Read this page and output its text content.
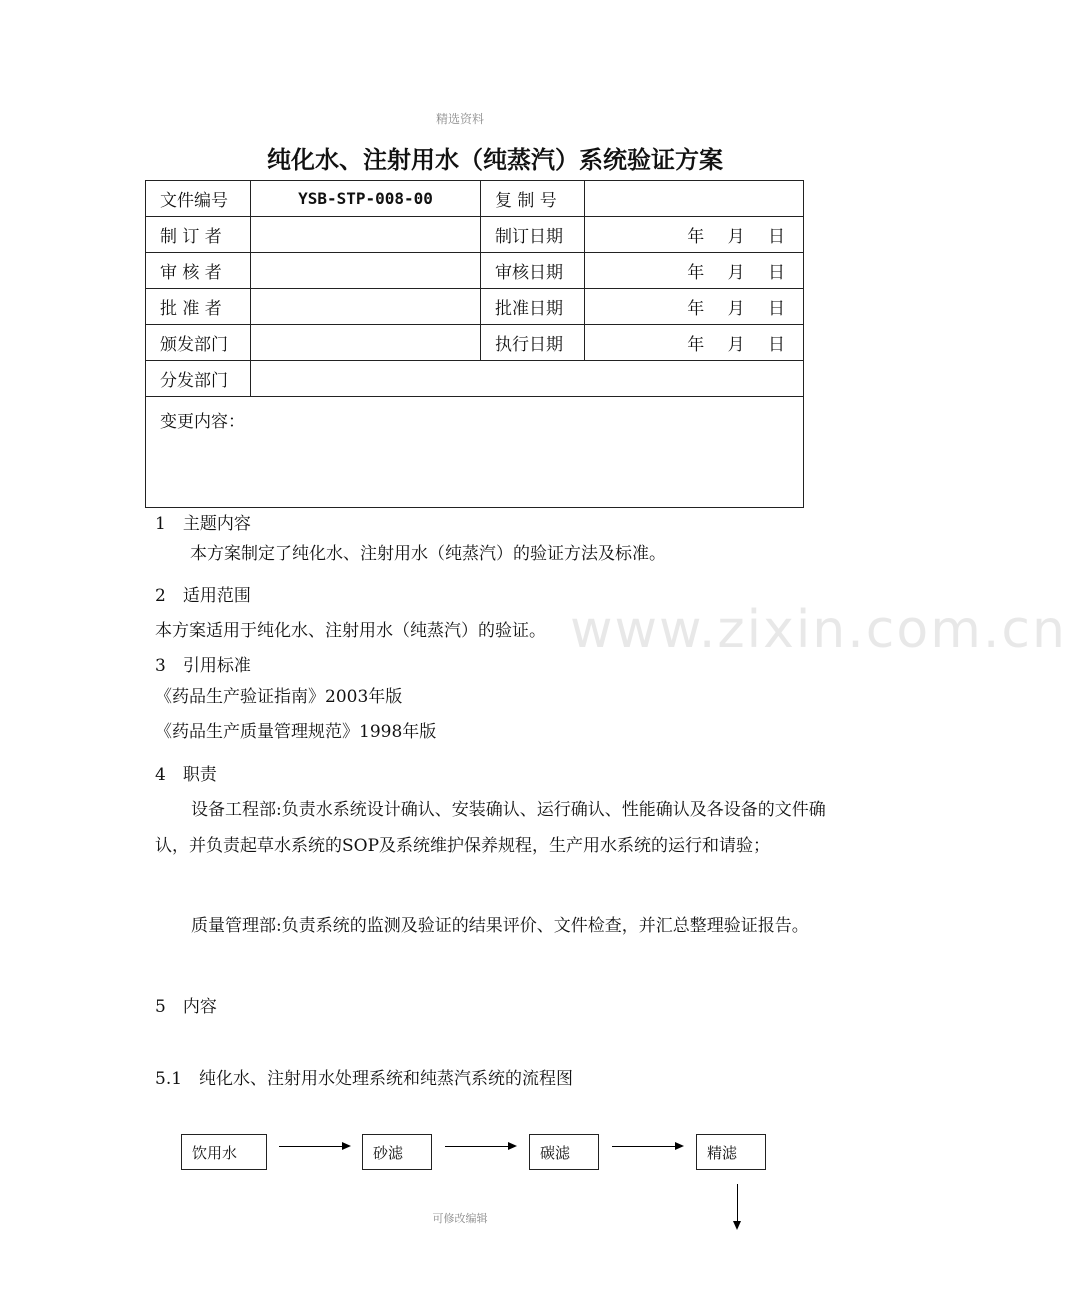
精选资料
纯化水、注射用水（纯蒸汽）系统验证方案
文件编号	YSB-STP-008-00	复 制 号	
制 订 者		制订日期	年 月 日
审 核 者		审核日期	年 月 日
批 准 者		批准日期	年 月 日
颁发部门		执行日期	年 月 日
分发部门			
变更内容：			
1　主题内容
本方案制定了纯化水、注射用水（纯蒸汽）的验证方法及标准。
2　适用范围
本方案适用于纯化水、注射用水（纯蒸汽）的验证。 www.zixin.com.cn
3　引用标准
《药品生产验证指南》2003年版
《药品生产质量管理规范》1998年版
4　职责
设备工程部:负责水系统设计确认、安装确认、运行确认、性能确认及各设备的文件确认，并负责起草水系统的SOP及系统维护保养规程，生产用水系统的运行和请验；
质量管理部:负责系统的监测及验证的结果评价、文件检查，并汇总整理验证报告。
5　内容
5.1　纯化水、注射用水处理系统和纯蒸汽系统的流程图
饮用水	砂滤	碳滤	精滤
可修改编辑
